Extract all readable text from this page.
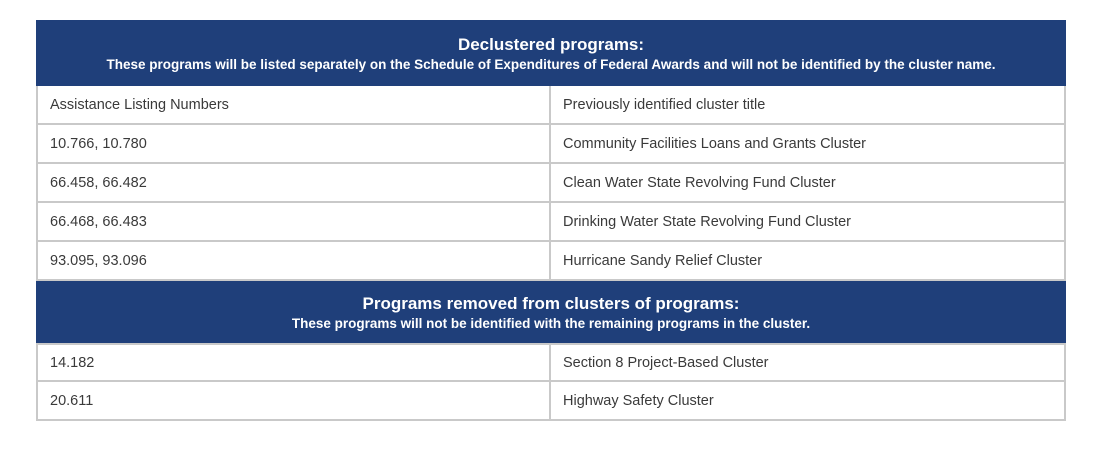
Declustered programs:
These programs will be listed separately on the Schedule of Expenditures of Federal Awards and will not be identified by the cluster name.
Assistance Listing Numbers	Previously identified cluster title
10.766, 10.780	Community Facilities Loans and Grants Cluster
66.458, 66.482	Clean Water State Revolving Fund Cluster
66.468, 66.483	Drinking Water State Revolving Fund Cluster
93.095, 93.096	Hurricane Sandy Relief Cluster
Programs removed from clusters of programs:
These programs will not be identified with the remaining programs in the cluster.
14.182	Section 8 Project-Based Cluster
20.611	Highway Safety Cluster
